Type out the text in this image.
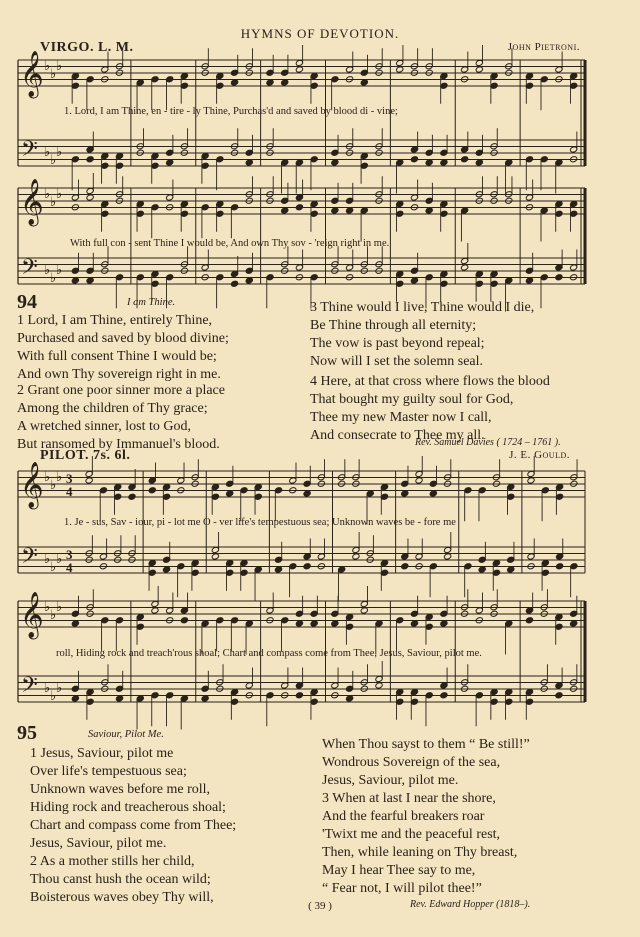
HYMNS OF DEVOTION.
VIRGO. L. M.	John Pietroni.
1. Lord, I am Thine, en - tire - ly Thine, Purchas'd and saved by blood di - vine;
With full con - sent Thine I would be, And own Thy sov - 'reign right in me.
PILOT. 7s. 6l.	J. E. Gould.
1. Je - sus, Sav - iour, pi - lot me O - ver life's tempestuous sea; Unknown waves be - fore me
roll, Hiding rock and treach'rous shoal; Chart and compass come from Thee, Jesus, Saviour, pilot me.
𝄞
𝄢
♭
♭
♭
♭
♭
♭
𝄞
𝄢
♭
♭
♭
♭
♭
♭
𝄞
𝄢
♭
♭
♭
♭
♭
♭
3
4
3
4
𝄞
𝄢
♭
♭
♭
♭
♭
♭
94	I am Thine.
1 Lord, I am Thine, entirely Thine,
Purchased and saved by blood divine;
With full consent Thine I would be;
And own Thy sovereign right in me.
2 Grant one poor sinner more a place
Among the children of Thy grace;
A wretched sinner, lost to God,
But ransomed by Immanuel's blood.
3 Thine would I live, Thine would I die,
Be Thine through all eternity;
The vow is past beyond repeal;
Now will I set the solemn seal.
4 Here, at that cross where flows the blood
That bought my guilty soul for God,
Thee my new Master now I call,
And consecrate to Thee my all.
Rev. Samuel Davies ( 1724 – 1761 ).
95	Saviour, Pilot Me.
1 Jesus, Saviour, pilot me
Over life's tempestuous sea;
Unknown waves before me roll,
Hiding rock and treacherous shoal;
Chart and compass come from Thee;
Jesus, Saviour, pilot me.
2 As a mother stills her child,
Thou canst hush the ocean wild;
Boisterous waves obey Thy will,
When Thou sayst to them “ Be still!”
Wondrous Sovereign of the sea,
Jesus, Saviour, pilot me.
3 When at last I near the shore,
And the fearful breakers roar
'Twixt me and the peaceful rest,
Then, while leaning on Thy breast,
May I hear Thee say to me,
“ Fear not, I will pilot thee!”
Rev. Edward Hopper (1818–).
( 39 )
